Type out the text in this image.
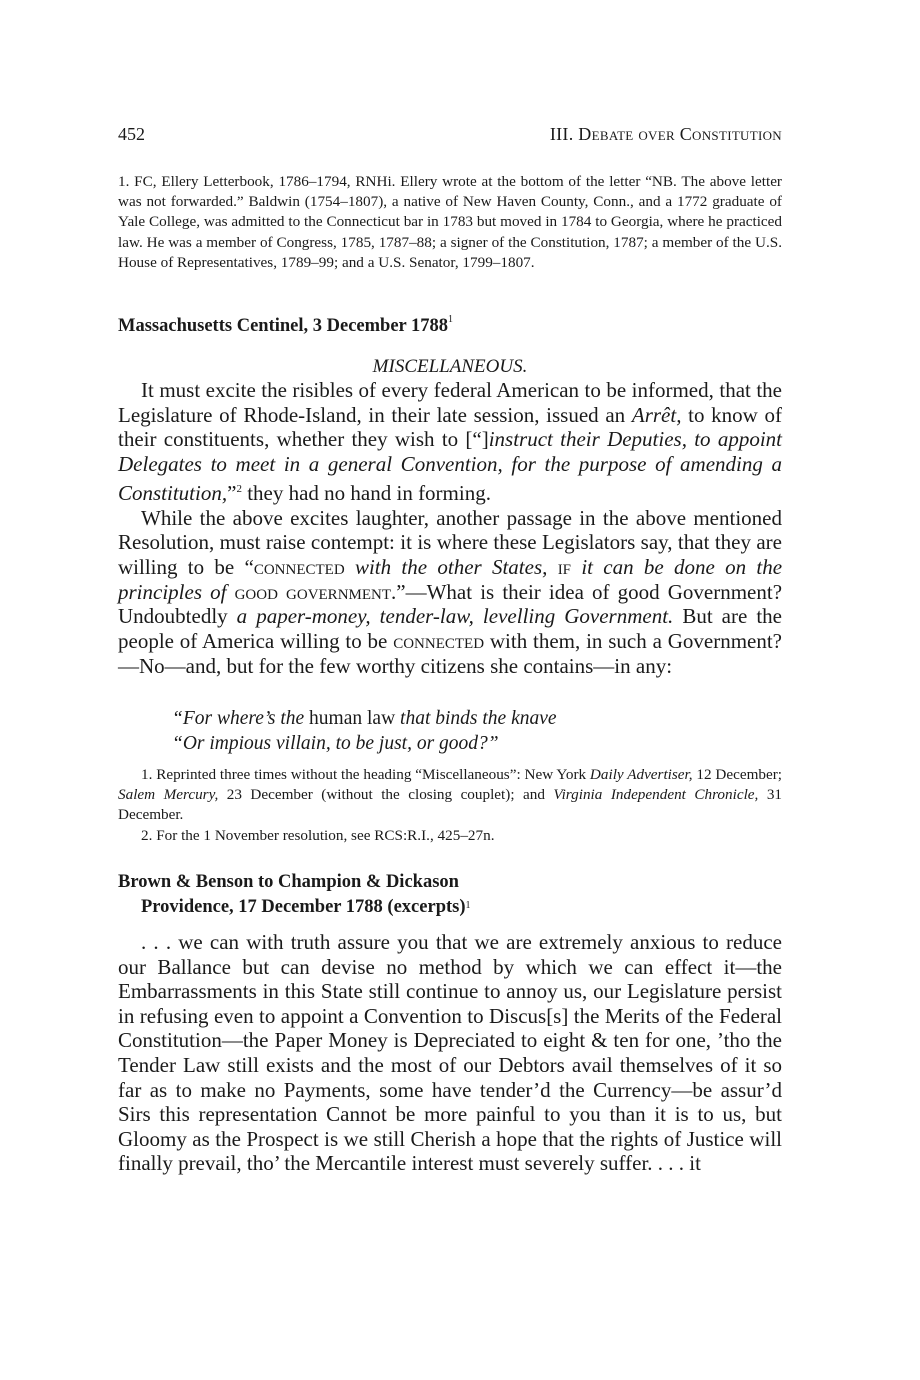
452	III. Debate over Constitution
1. FC, Ellery Letterbook, 1786–1794, RNHi. Ellery wrote at the bottom of the letter “NB. The above letter was not forwarded.” Baldwin (1754–1807), a native of New Haven County, Conn., and a 1772 graduate of Yale College, was admitted to the Connecticut bar in 1783 but moved in 1784 to Georgia, where he practiced law. He was a member of Congress, 1785, 1787–88; a signer of the Constitution, 1787; a member of the U.S. House of Representatives, 1789–99; and a U.S. Senator, 1799–1807.
Massachusetts Centinel, 3 December 1788$^1$
MISCELLANEOUS.

It must excite the risibles of every federal American to be informed, that the Legislature of Rhode-Island, in their late session, issued an Arrêt, to know of their constituents, whether they wish to [“]instruct their Deputies, to appoint Delegates to meet in a general Convention, for the purpose of amending a Constitution,”$^2$ they had no hand in forming.

While the above excites laughter, another passage in the above mentioned Resolution, must raise contempt: it is where these Legislators say, that they are willing to be “connected with the other States, if it can be done on the principles of good government.”—What is their idea of good Government? Undoubtedly a paper-money, tender-law, levelling Government. But are the people of America willing to be connected with them, in such a Government?—No—and, but for the few worthy citizens she contains—in any:

“For where’s the human law that binds the knave
“Or impious villain, to be just, or good?”

1. Reprinted three times without the heading “Miscellaneous”: New York Daily Advertiser, 12 December; Salem Mercury, 23 December (without the closing couplet); and Virginia Independent Chronicle, 31 December.

2. For the 1 November resolution, see RCS:R.I., 425–27n.

Brown & Benson to Champion & Dickason
Providence, 17 December 1788 (excerpts)$^1$

. . . we can with truth assure you that we are extremely anxious to reduce our Ballance but can devise no method by which we can effect it—the Embarrassments in this State still continue to annoy us, our Legislature persist in refusing even to appoint a Convention to Discus[s] the Merits of the Federal Constitution—the Paper Money is Depreciated to eight & ten for one, ’tho the Tender Law still exists and the most of our Debtors avail themselves of it so far as to make no Payments, some have tender’d the Currency—be assur’d Sirs this representation Cannot be more painful to you than it is to us, but Gloomy as the Prospect is we still Cherish a hope that the rights of Justice will finally prevail, tho’ the Mercantile interest must severely suffer. . . . it
